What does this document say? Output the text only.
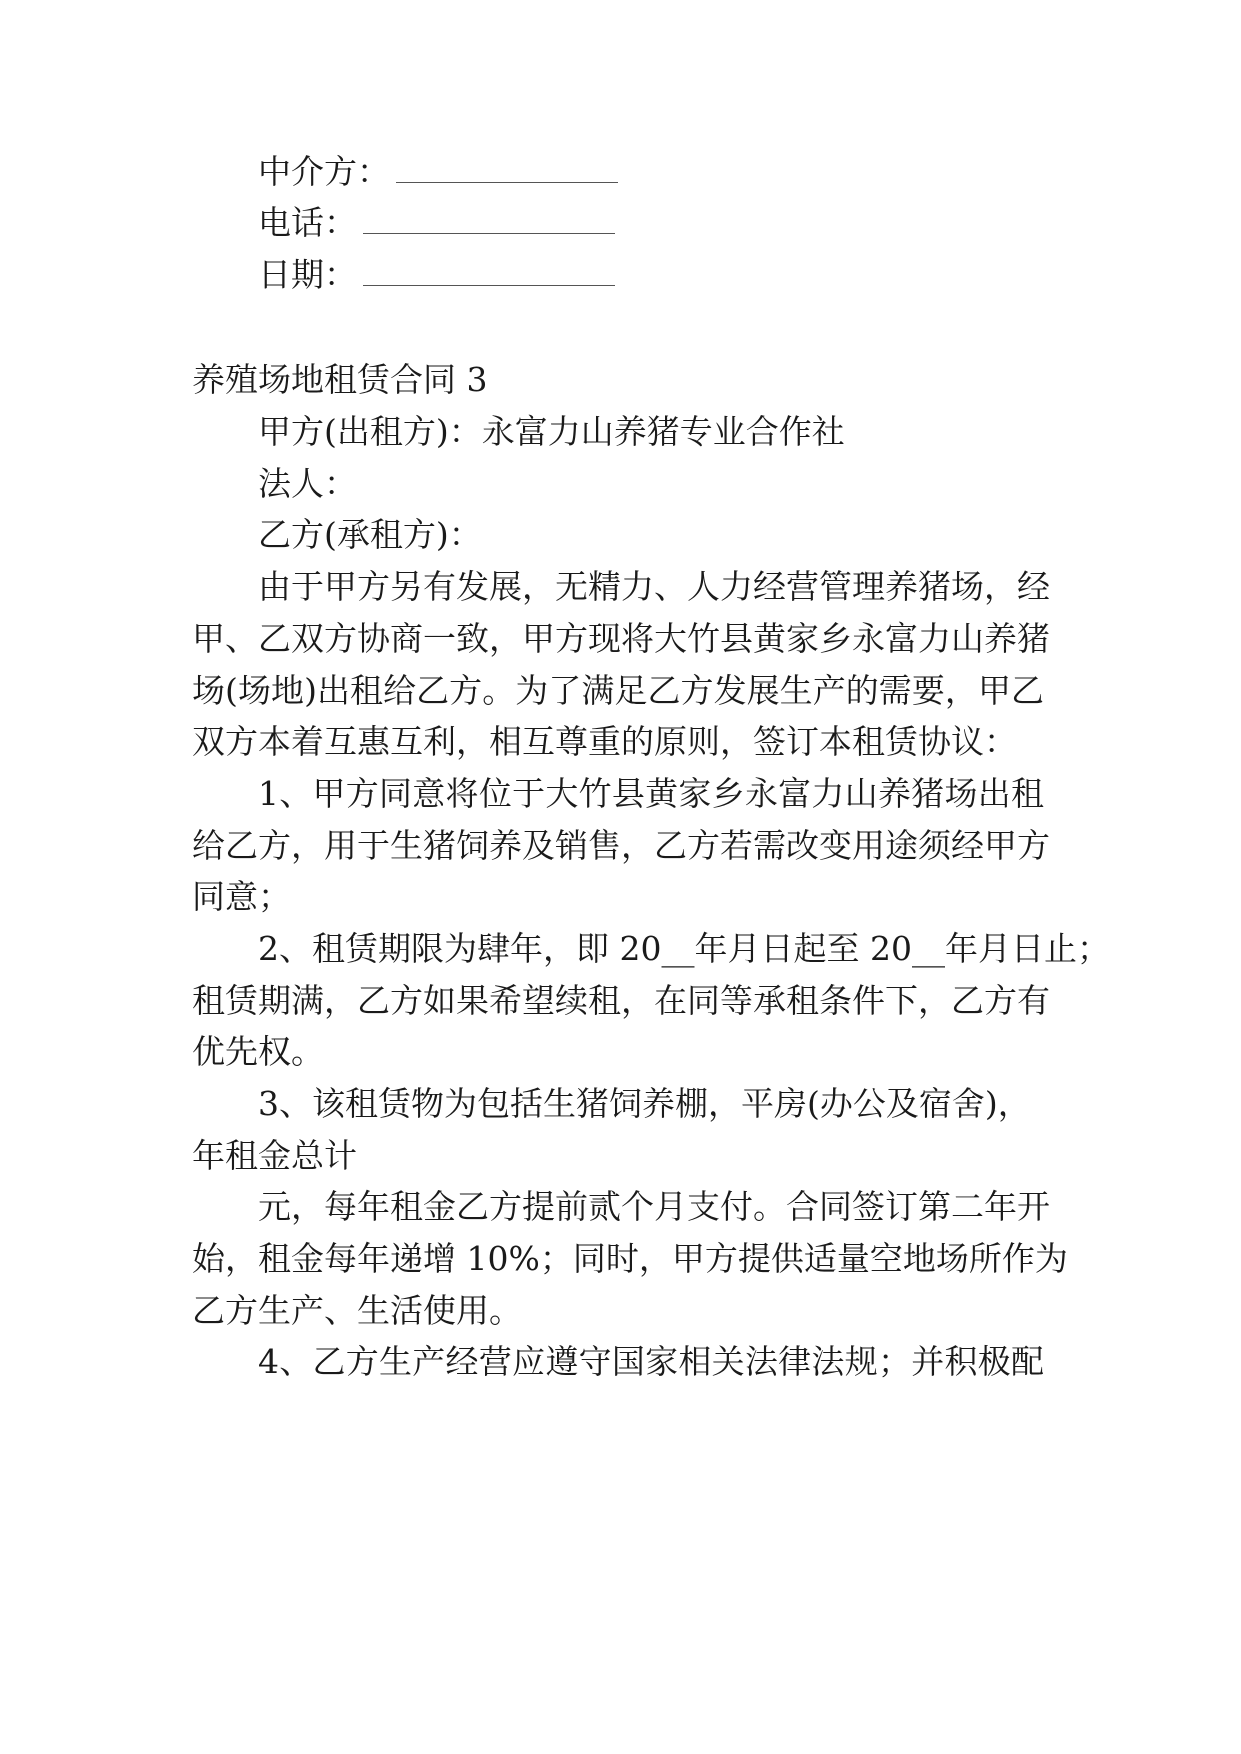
中介方：
电话：
日期：

养殖场地租赁合同 3

甲方(出租方)：永富力山养猪专业合作社

法人：

乙方(承租方)：

由于甲方另有发展，无精力、人力经营管理养猪场，经

甲、乙双方协商一致，甲方现将大竹县黄家乡永富力山养猪

场(场地)出租给乙方。为了满足乙方发展生产的需要，甲乙

双方本着互惠互利，相互尊重的原则，签订本租赁协议：

1、甲方同意将位于大竹县黄家乡永富力山养猪场出租

给乙方，用于生猪饲养及销售，乙方若需改变用途须经甲方

同意；

2、租赁期限为肆年，即 20__年月日起至 20__年月日止；

租赁期满，乙方如果希望续租，在同等承租条件下，乙方有

优先权。

3、该租赁物为包括生猪饲养棚，平房(办公及宿舍)，

年租金总计

元，每年租金乙方提前贰个月支付。合同签订第二年开

始，租金每年递增 10%；同时，甲方提供适量空地场所作为

乙方生产、生活使用。

4、乙方生产经营应遵守国家相关法律法规；并积极配
